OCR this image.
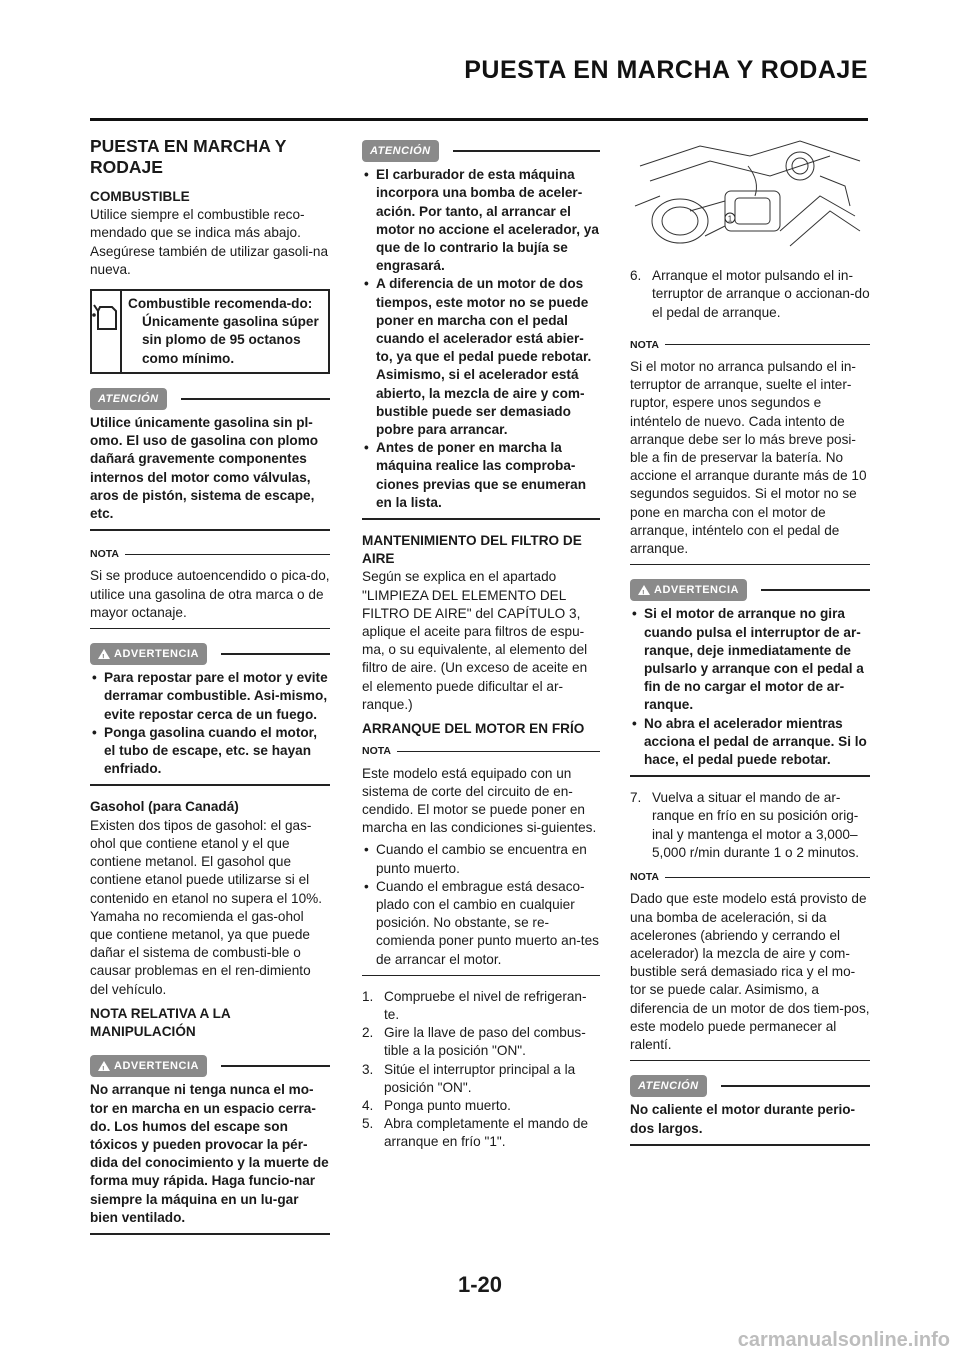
PUESTA EN MARCHA Y RODAJE
PUESTA EN MARCHA Y RODAJE
COMBUSTIBLE

Utilice siempre el combustible reco-mendado que se indica más abajo. Asegúrese también de utilizar gasoli-na nueva.

Combustible recomenda-do:
Únicamente gasolina súper sin plomo de 95 octanos como mínimo.
ATENCIÓN

Utilice únicamente gasolina sin pl-omo. El uso de gasolina con plomo dañará gravemente componentes internos del motor como válvulas, aros de pistón, sistema de escape, etc.

NOTA

Si se produce autoencendido o pica-do, utilice una gasolina de otra marca o de mayor octanaje.

!
ADVERTENCIA
• Para repostar pare el motor y evite derramar combustible. Asi-mismo, evite repostar cerca de un fuego.
• Ponga gasolina cuando el motor, el tubo de escape, etc. se hayan enfriado.
Gasohol (para Canadá)

Existen dos tipos de gasohol: el gas-ohol que contiene etanol y el que contiene metanol. El gasohol que contiene etanol puede utilizarse si el contenido en etanol no supera el 10%. Yamaha no recomienda el gas-ohol que contiene metanol, ya que puede dañar el sistema de combusti-ble o causar problemas en el ren-dimiento del vehículo.

NOTA RELATIVA A LA MANIPULACIÓN
!
ADVERTENCIA

No arranque ni tenga nunca el mo-tor en marcha en un espacio cerra-do. Los humos del escape son tóxicos y pueden provocar la pér-dida del conocimiento y la muerte de forma muy rápida. Haga funcio-nar siempre la máquina en un lu-gar bien ventilado.

ATENCIÓN
• El carburador de esta máquina incorpora una bomba de aceler-ación. Por tanto, al arrancar el motor no accione el acelerador, ya que de lo contrario la bujía se engrasará.
• A diferencia de un motor de dos tiempos, este motor no se puede poner en marcha con el pedal cuando el acelerador está abier-to, ya que el pedal puede rebotar. Asimismo, si el acelerador está abierto, la mezcla de aire y com-bustible puede ser demasiado pobre para arrancar.
• Antes de poner en marcha la máquina realice las comproba-ciones previas que se enumeran en la lista.
MANTENIMIENTO DEL FILTRO DE AIRE

Según se explica en el apartado "LIMPIEZA DEL ELEMENTO DEL FILTRO DE AIRE" del CAPÍTULO 3, aplique el aceite para filtros de espu-ma, o su equivalente, al elemento del filtro de aire. (Un exceso de aceite en el elemento puede dificultar el ar-ranque.)

ARRANQUE DEL MOTOR EN FRÍO
NOTA

Este modelo está equipado con un sistema de corte del circuito de en-cendido. El motor se puede poner en marcha en las condiciones si-guientes.

• Cuando el cambio se encuentra en punto muerto.
• Cuando el embrague está desaco-plado con el cambio en cualquier posición. No obstante, se re-comienda poner punto muerto an-tes de arrancar el motor.
1. Compruebe el nivel de refrigeran-te.
2. Gire la llave de paso del combus-tible a la posición "ON".
3. Sitúe el interruptor principal a la posición "ON".
4. Ponga punto muerto.
5. Abra completamente el mando de arranque en frío "1".
1
6. Arranque el motor pulsando el in-terruptor de arranque o accionan-do el pedal de arranque.
NOTA

Si el motor no arranca pulsando el in-terruptor de arranque, suelte el inter-ruptor, espere unos segundos e inténtelo de nuevo. Cada intento de arranque debe ser lo más breve posi-ble a fin de preservar la batería. No accione el arranque durante más de 10 segundos seguidos. Si el motor no se pone en marcha con el motor de arranque, inténtelo con el pedal de arranque.

!
ADVERTENCIA
• Si el motor de arranque no gira cuando pulsa el interruptor de ar-ranque, deje inmediatamente de pulsarlo y arranque con el pedal a fin de no cargar el motor de ar-ranque.
• No abra el acelerador mientras acciona el pedal de arranque. Si lo hace, el pedal puede rebotar.
7. Vuelva a situar el mando de ar-ranque en frío en su posición orig-inal y mantenga el motor a 3,000–5,000 r/min durante 1 o 2 minutos.
NOTA

Dado que este modelo está provisto de una bomba de aceleración, si da acelerones (abriendo y cerrando el acelerador) la mezcla de aire y com-bustible será demasiado rica y el mo-tor se puede calar. Asimismo, a diferencia de un motor de dos tiem-pos, este modelo puede permanecer al ralentí.

ATENCIÓN

No caliente el motor durante perio-dos largos.

1-20
carmanualsonline.info
